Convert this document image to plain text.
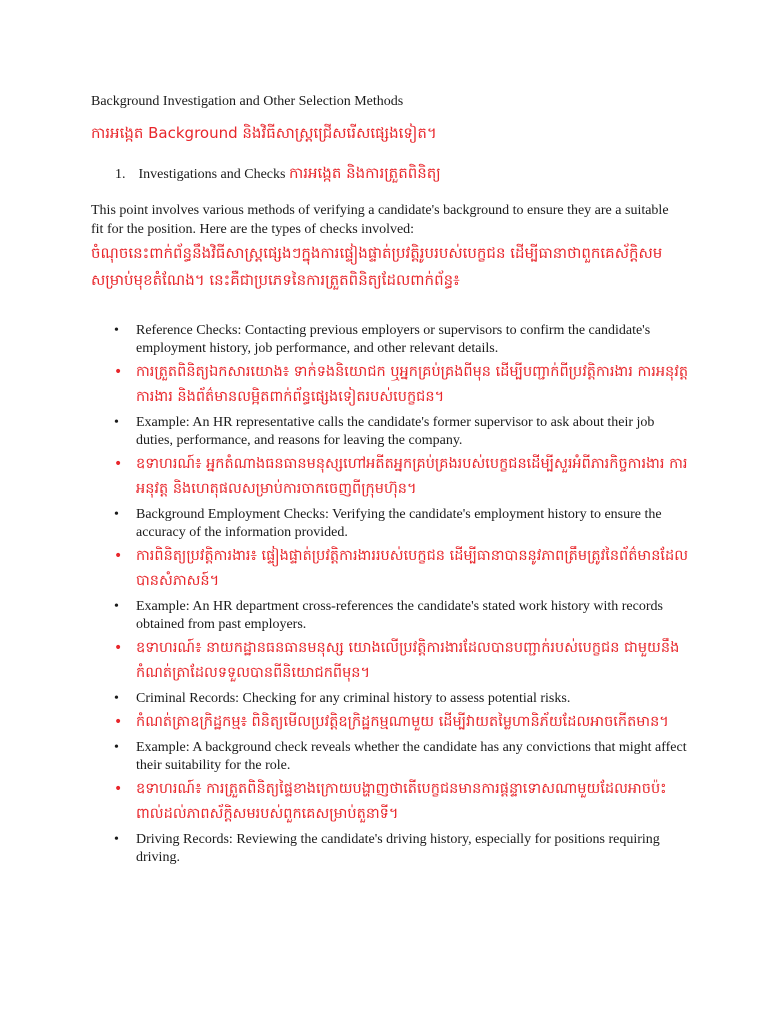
Background Investigation and Other Selection Methods
ការអង្កេត Background និងវិធីសាស្ត្រជ្រើសរើសផ្សេងទៀត។
1. Investigations and Checks ការអង្កេត និងការត្រួតពិនិត្យ
This point involves various methods of verifying a candidate's background to ensure they are a suitable fit for the position. Here are the types of checks involved:
ចំណុចនេះពាក់ព័ន្ធនឹងវិធីសាស្ត្រផ្សេងៗក្នុងការផ្ទៀងផ្ទាត់ប្រវត្តិរូបរបស់បេក្ខជន ដើម្បីធានាថាពួកគេស័ក្តិសមសម្រាប់មុខតំណែង។ នេះគឺជាប្រភេទនៃការត្រួតពិនិត្យដែលពាក់ព័ន្ធ៖
• Reference Checks: Contacting previous employers or supervisors to confirm the candidate's employment history, job performance, and other relevant details.
• ការត្រួតពិនិត្យឯកសារយោង៖ ទាក់ទងនិយោជក ឬអ្នកគ្រប់គ្រងពីមុន ដើម្បីបញ្ជាក់ពីប្រវត្តិការងារ ការអនុវត្តការងារ និងព័ត៌មានលម្អិតពាក់ព័ន្ធផ្សេងទៀតរបស់បេក្ខជន។
• Example: An HR representative calls the candidate's former supervisor to ask about their job duties, performance, and reasons for leaving the company.
• ឧទាហរណ៍៖ អ្នកតំណាងធនធានមនុស្សហៅអតីតអ្នកគ្រប់គ្រងរបស់បេក្ខជនដើម្បីសួរអំពីភារកិច្ចការងារ ការអនុវត្ត និងហេតុផលសម្រាប់ការចាកចេញពីក្រុមហ៊ុន។
• Background Employment Checks: Verifying the candidate's employment history to ensure the accuracy of the information provided.
• ការពិនិត្យប្រវត្តិការងារ៖ ផ្ទៀងផ្ទាត់ប្រវត្តិការងាររបស់បេក្ខជន ដើម្បីធានាបាននូវភាពត្រឹមត្រូវនៃព័ត៌មានដែលបានសំភាសន៍។
• Example: An HR department cross-references the candidate's stated work history with records obtained from past employers.
• ឧទាហរណ៍៖ នាយកដ្ឋានធនធានមនុស្ស យោងលើប្រវត្តិការងារដែលបានបញ្ជាក់របស់បេក្ខជន ជាមួយនឹងកំណត់ត្រាដែលទទួលបានពីនិយោជកពីមុន។
• Criminal Records: Checking for any criminal history to assess potential risks.
• កំណត់ត្រាឧក្រិដ្ឋកម្ម៖ ពិនិត្យមើលប្រវត្តិឧក្រិដ្ឋកម្មណាមួយ ដើម្បីវាយតម្លៃហានិភ័យដែលអាចកើតមាន។
• Example: A background check reveals whether the candidate has any convictions that might affect their suitability for the role.
• ឧទាហរណ៍៖ ការត្រួតពិនិត្យផ្ទៃខាងក្រោយបង្ហាញថាតើបេក្ខជនមានការផ្តន្ទាទោសណាមួយដែលអាចប៉ះពាល់ដល់ភាពស័ក្តិសមរបស់ពួកគេសម្រាប់តួនាទី។
• Driving Records: Reviewing the candidate's driving history, especially for positions requiring driving.
